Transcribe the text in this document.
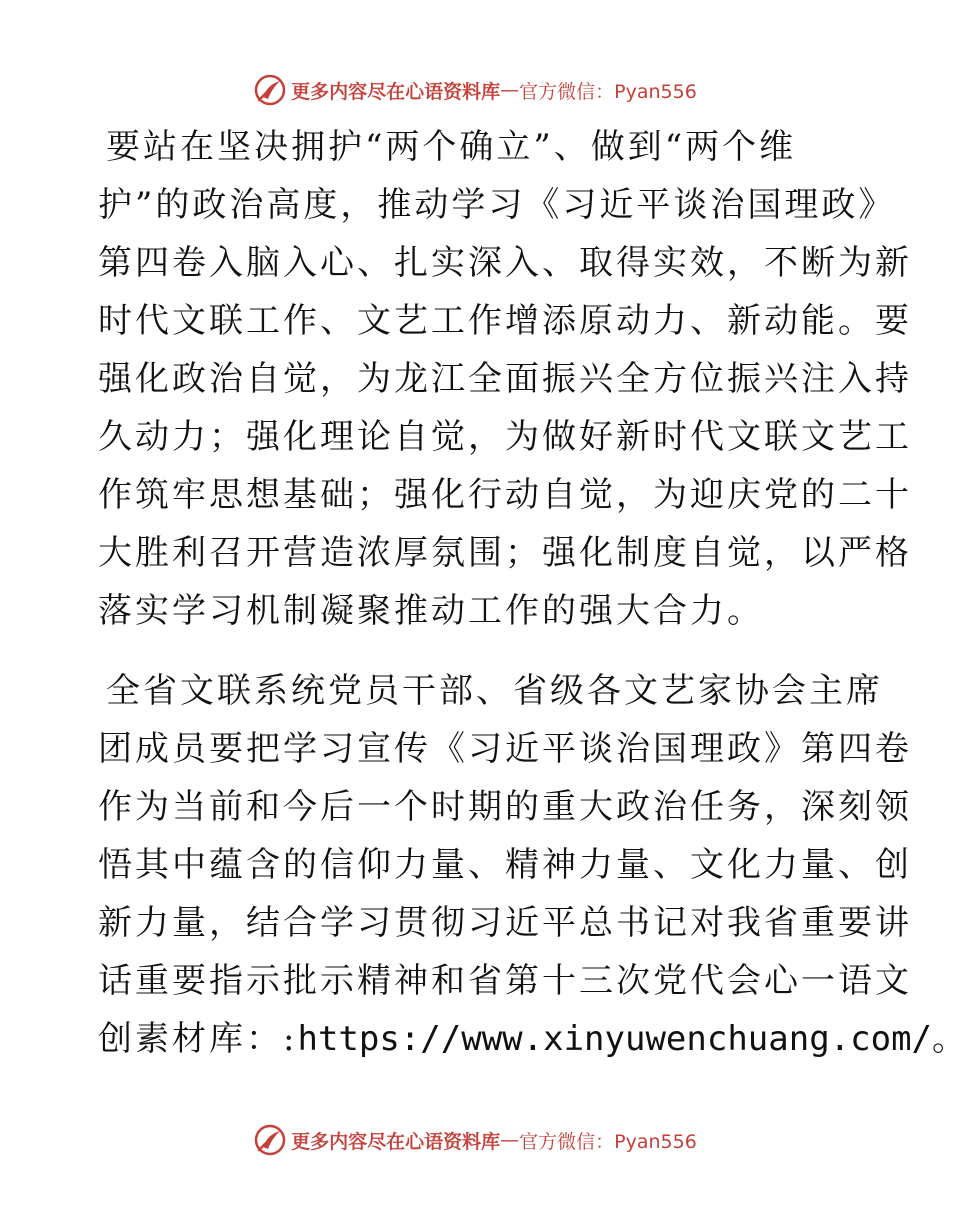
更多内容尽在心语资料库 — 官方微信：Pyan556

要站在坚决拥护“两个确立”、做到“两个维
护”的政治高度，推动学习《习近平谈治国理政》
第四卷入脑入心、扎实深入、取得实效，不断为新
时代文联工作、文艺工作增添原动力、新动能。要
强化政治自觉，为龙江全面振兴全方位振兴注入持
久动力；强化理论自觉，为做好新时代文联文艺工
作筑牢思想基础；强化行动自觉，为迎庆党的二十
大胜利召开营造浓厚氛围；强化制度自觉，以严格
落实学习机制凝聚推动工作的强大合力。

全省文联系统党员干部、省级各文艺家协会主席
团成员要把学习宣传《习近平谈治国理政》第四卷
作为当前和今后一个时期的重大政治任务，深刻领
悟其中蕴含的信仰力量、精神力量、文化力量、创
新力量，结合学习贯彻习近平总书记对我省重要讲
话重要指示批示精神和省第十三次党代会心一语文
创素材库：:https://www.xinyuwenchuang.com/。

更多内容尽在心语资料库 — 官方微信：Pyan556
